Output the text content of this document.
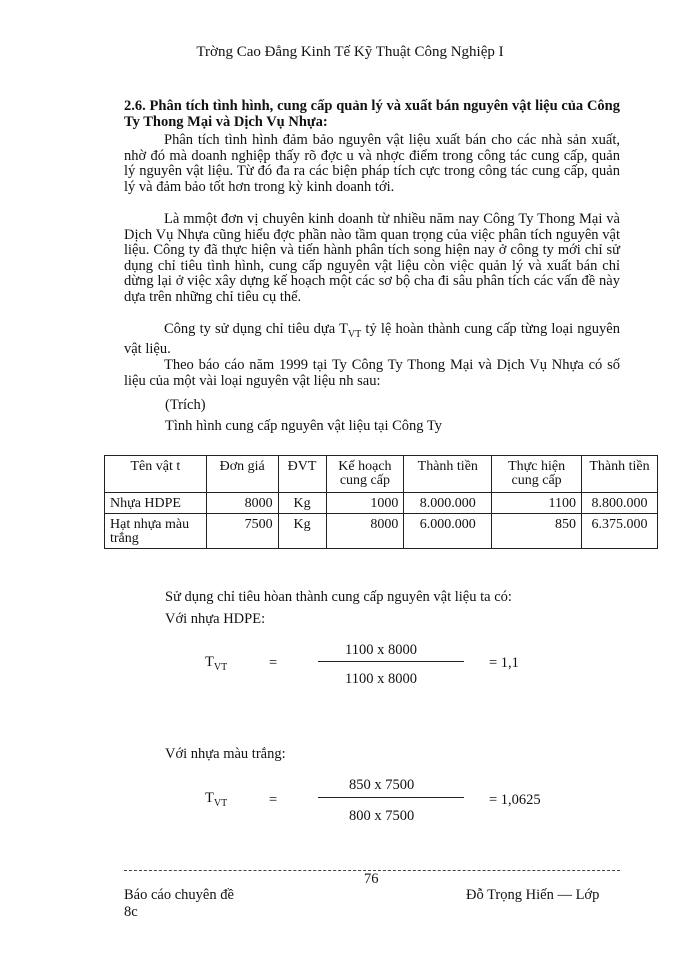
Trờng Cao Đẳng Kinh Tế Kỹ Thuật Công Nghiệp I
2.6. Phân tích tình hình, cung cấp quản lý và xuất bán nguyên vật liệu của Công Ty Thong Mại và Dịch Vụ Nhựa:
Phân tích tình hình đảm bảo nguyên vật liệu xuất bán cho các nhà sản xuất, nhờ đó mà doanh nghiệp thấy rõ đợc u và nhợc điểm trong công tác cung cấp, quản lý nguyên vật liệu. Từ đó đa ra các biện pháp tích cực trong công tác cung cấp, quản lý và đảm bảo tốt hơn trong kỳ kinh doanh tới.
Là mmột đơn vị chuyên kinh doanh từ nhiều năm nay Công Ty Thong Mại và Dịch Vụ Nhựa cũng hiểu đợc phần nào tầm quan trọng của việc phân tích nguyên vật liệu. Công ty đã thực hiện và tiến hành phân tích song hiện nay ở công ty mới chỉ sử dụng chỉ tiêu tình hình, cung cấp nguyên vật liệu còn việc quản lý và xuất bán chỉ dừng lại ở việc xây dựng kế hoạch một các sơ bộ cha đi sâu phân tích các vấn đề này dựa trên những chỉ tiêu cụ thể.
Công ty sử dụng chỉ tiêu dựa $T_{VT}$ tỷ lệ hoàn thành cung cấp từng loại nguyên vật liệu.
Theo báo cáo năm 1999 tại Ty Công Ty Thong Mại và Dịch Vụ Nhựa có số liệu của một vài loại nguyên vật liệu nh sau:
(Trích)
Tình hình cung cấp nguyên vật liệu tại Công Ty
Tên vật t	Đơn giá	ĐVT	Kế hoạch cung cấp	Thành tiền	Thực hiện cung cấp	Thành tiền
Nhựa HDPE	8000	Kg	1000	8.000.000	1100	8.800.000
Hạt nhựa màu trắng	7500	Kg	8000	6.000.000	850	6.375.000
Sử dụng chỉ tiêu hòan thành cung cấp nguyên vật liệu ta có:
Với nhựa HDPE:
$T_{VT}$	=
1100 x 8000
1100 x 8000
= 1,1
Với nhựa màu trắng:
$T_{VT}$	=
850 x 7500
800 x 7500
= 1,0625
76
Báo cáo chuyên đề
8c
Đỗ Trọng Hiến — Lớp
